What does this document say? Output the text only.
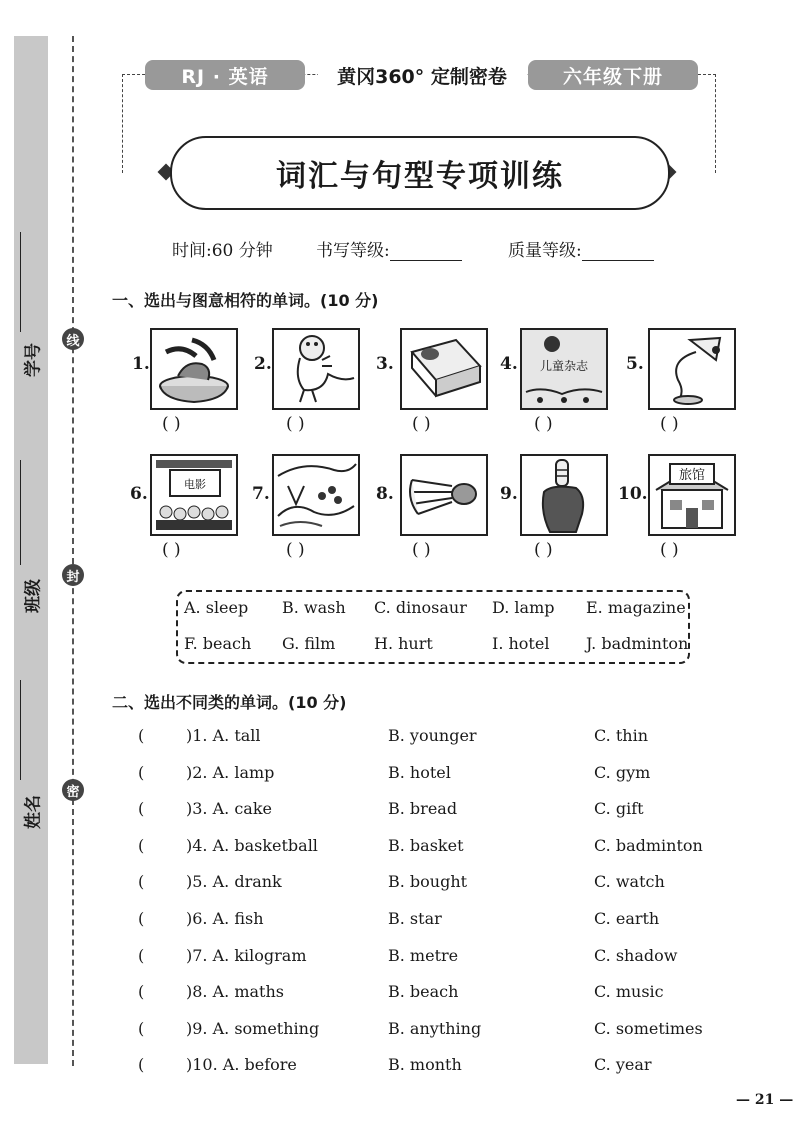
学号
班级
姓名
线
封
密
RJ · 英语	黄冈360° 定制密卷	六年级下册
词汇与句型专项训练
时间:60 分钟	书写等级:	质量等级:
一、选出与图意相符的单词。(10 分)
1.
( )
2.
( )
3.
( )
4. 儿童杂志
( )
5.
( )
6.	电影
( )
7.
( )
8.
( )
9.
( )
10.
旅馆
( )
A. sleep B. wash C. dinosaur D. lamp E. magazine
F. beach G. film H. hurt	I. hotel J. badminton
二、选出不同类的单词。(10 分)
(	)1. A. tall	B. younger	C. thin
(	)2. A. lamp	B. hotel	C. gym
(	)3. A. cake	B. bread	C. gift
(	)4. A. basketball	B. basket	C. badminton
(	)5. A. drank	B. bought	C. watch
(	)6. A. fish	B. star	C. earth
(	)7. A. kilogram	B. metre	C. shadow
(	)8. A. maths	B. beach	C. music
(	)9. A. something	B. anything	C. sometimes
(	)10. A. before	B. month	C. year
— 21 —
